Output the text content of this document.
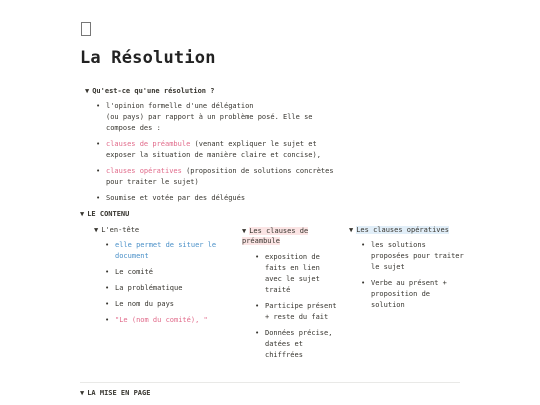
La Résolution
▼ Qu'est-ce qu'une résolution ?
• l'opinion formelle d'une délégation
(ou pays) par rapport à un problème posé. Elle se
compose des :
• clauses de préambule (venant expliquer le sujet et
exposer la situation de manière claire et concise),
• clauses opératives (proposition de solutions concrètes
pour traiter le sujet)
• Soumise et votée par des délégués
▼ LE CONTENU
▼ L'en-tête
• elle permet de situer le
document
• Le comité
• La problématique
• Le nom du pays
• "Le (nom du comité), "
▼ Les clauses de
préambule
• exposition de
faits en lien
avec le sujet
traité
• Participe présent
+ reste du fait
• Données précise,
datées et
chiffrées
▼ Les clauses opératives
• les solutions
proposées pour traiter
le sujet
• Verbe au présent +
proposition de
solution
▼ LA MISE EN PAGE
